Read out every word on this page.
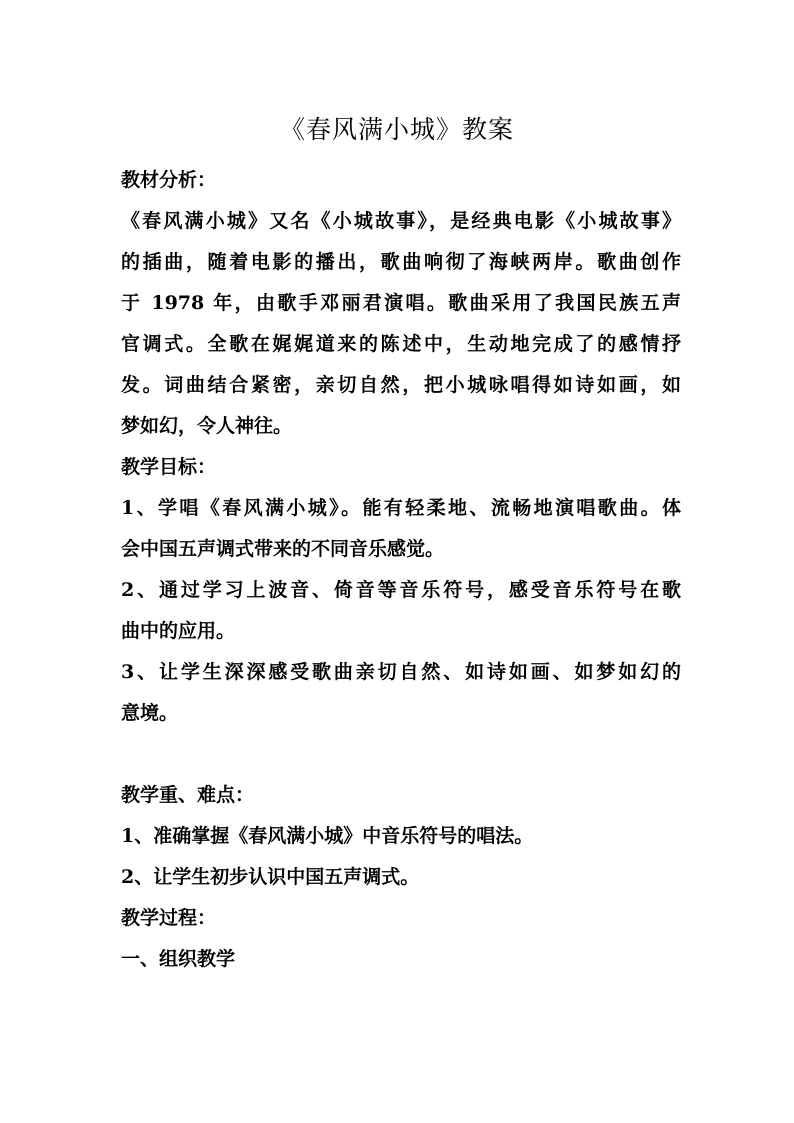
《春风满小城》教案
教材分析：
《春风满小城》又名《小城故事》，是经典电影《小城故事》
的插曲，随着电影的播出，歌曲响彻了海峡两岸。歌曲创作
于 1978 年，由歌手邓丽君演唱。歌曲采用了我国民族五声
官调式。全歌在娓娓道来的陈述中，生动地完成了的感情抒
发。词曲结合紧密，亲切自然，把小城咏唱得如诗如画，如
梦如幻，令人神往。
教学目标：
1、学唱《春风满小城》。能有轻柔地、流畅地演唱歌曲。体
会中国五声调式带来的不同音乐感觉。
2、通过学习上波音、倚音等音乐符号，感受音乐符号在歌
曲中的应用。
3、让学生深深感受歌曲亲切自然、如诗如画、如梦如幻的
意境。
教学重、难点：
1、准确掌握《春风满小城》中音乐符号的唱法。
2、让学生初步认识中国五声调式。
教学过程：
一、组织教学
